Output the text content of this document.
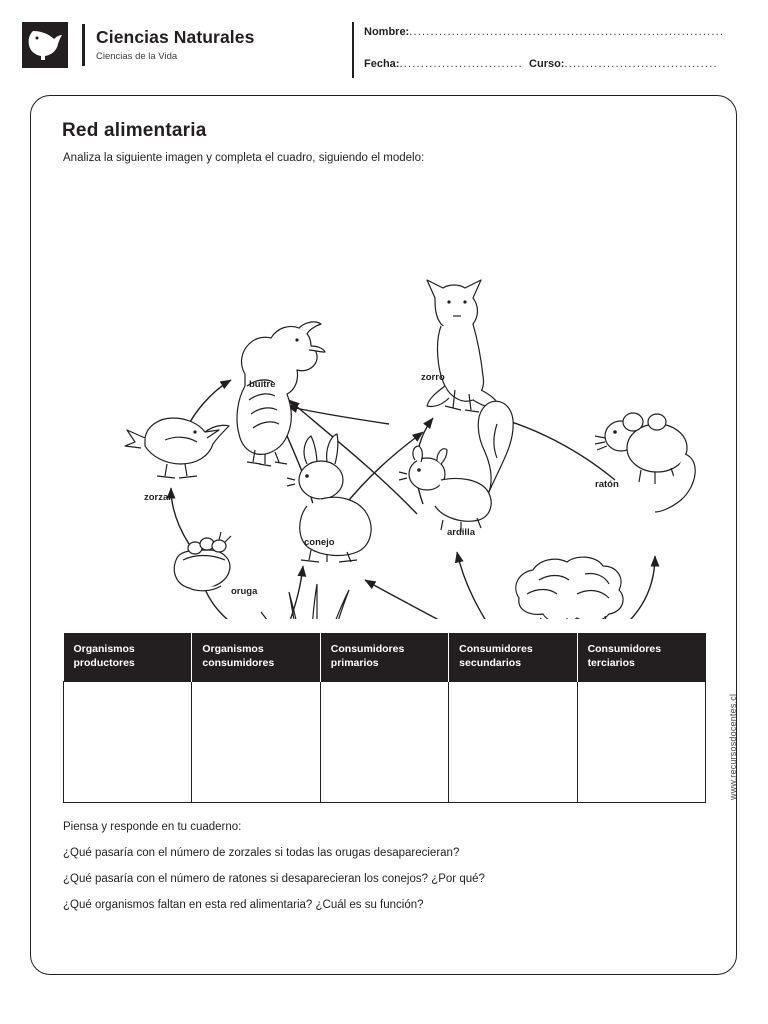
Ciencias Naturales
Ciencias de la Vida
Nombre:..........................................................................
Fecha:............................. Curso:....................................
Red alimentaria
Analiza la siguiente imagen y completa el cuadro, siguiendo el modelo:
buitre
zorro
zorzal
ratón
conejo
ardilla
oruga
Organismos productores	Organismos consumidores	Consumidores primarios	Consumidores secundarios	Consumidores terciarios

Piensa y responde en tu cuaderno:
¿Qué pasaría con el número de zorzales si todas las orugas desaparecieran?
¿Qué pasaría con el número de ratones si desaparecieran los conejos? ¿Por qué?
¿Qué organismos faltan en esta red alimentaria? ¿Cuál es su función?
www.recursosdocentes.cl
